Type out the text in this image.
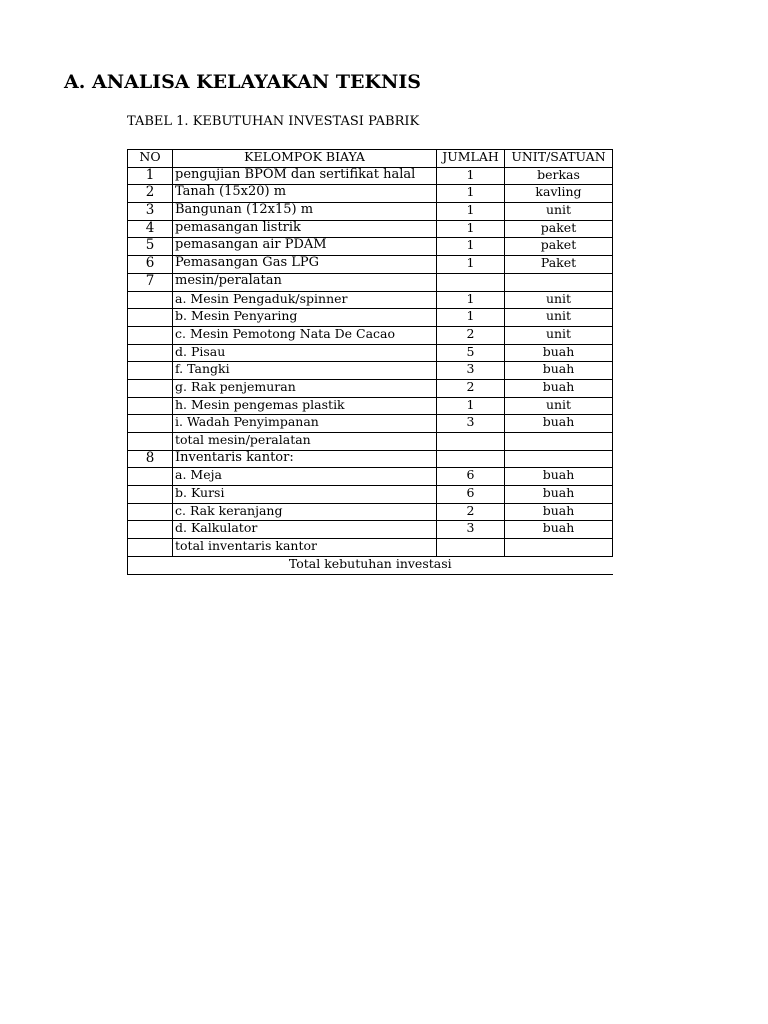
A. ANALISA KELAYAKAN TEKNIS
TABEL 1. KEBUTUHAN INVESTASI PABRIK
NO	KELOMPOK BIAYA	JUMLAH	UNIT/SATUAN
1	pengujian BPOM dan sertifikat halal	1	berkas
2	Tanah (15x20) m	1	kavling
3	Bangunan (12x15) m	1	unit
4	pemasangan listrik	1	paket
5	pemasangan air PDAM	1	paket
6	Pemasangan Gas LPG	1	Paket
7	mesin/peralatan		
	a. Mesin Pengaduk/spinner	1	unit
	b. Mesin Penyaring	1	unit
	c. Mesin Pemotong Nata De Cacao	2	unit
	d. Pisau	5	buah
	f. Tangki	3	buah
	g. Rak penjemuran	2	buah
	h. Mesin pengemas plastik	1	unit
	i. Wadah Penyimpanan	3	buah
	total mesin/peralatan		
8	Inventaris kantor:		
	a. Meja	6	buah
	b. Kursi	6	buah
	c. Rak keranjang	2	buah
	d. Kalkulator	3	buah
	total inventaris kantor		
Total kebutuhan investasi			
